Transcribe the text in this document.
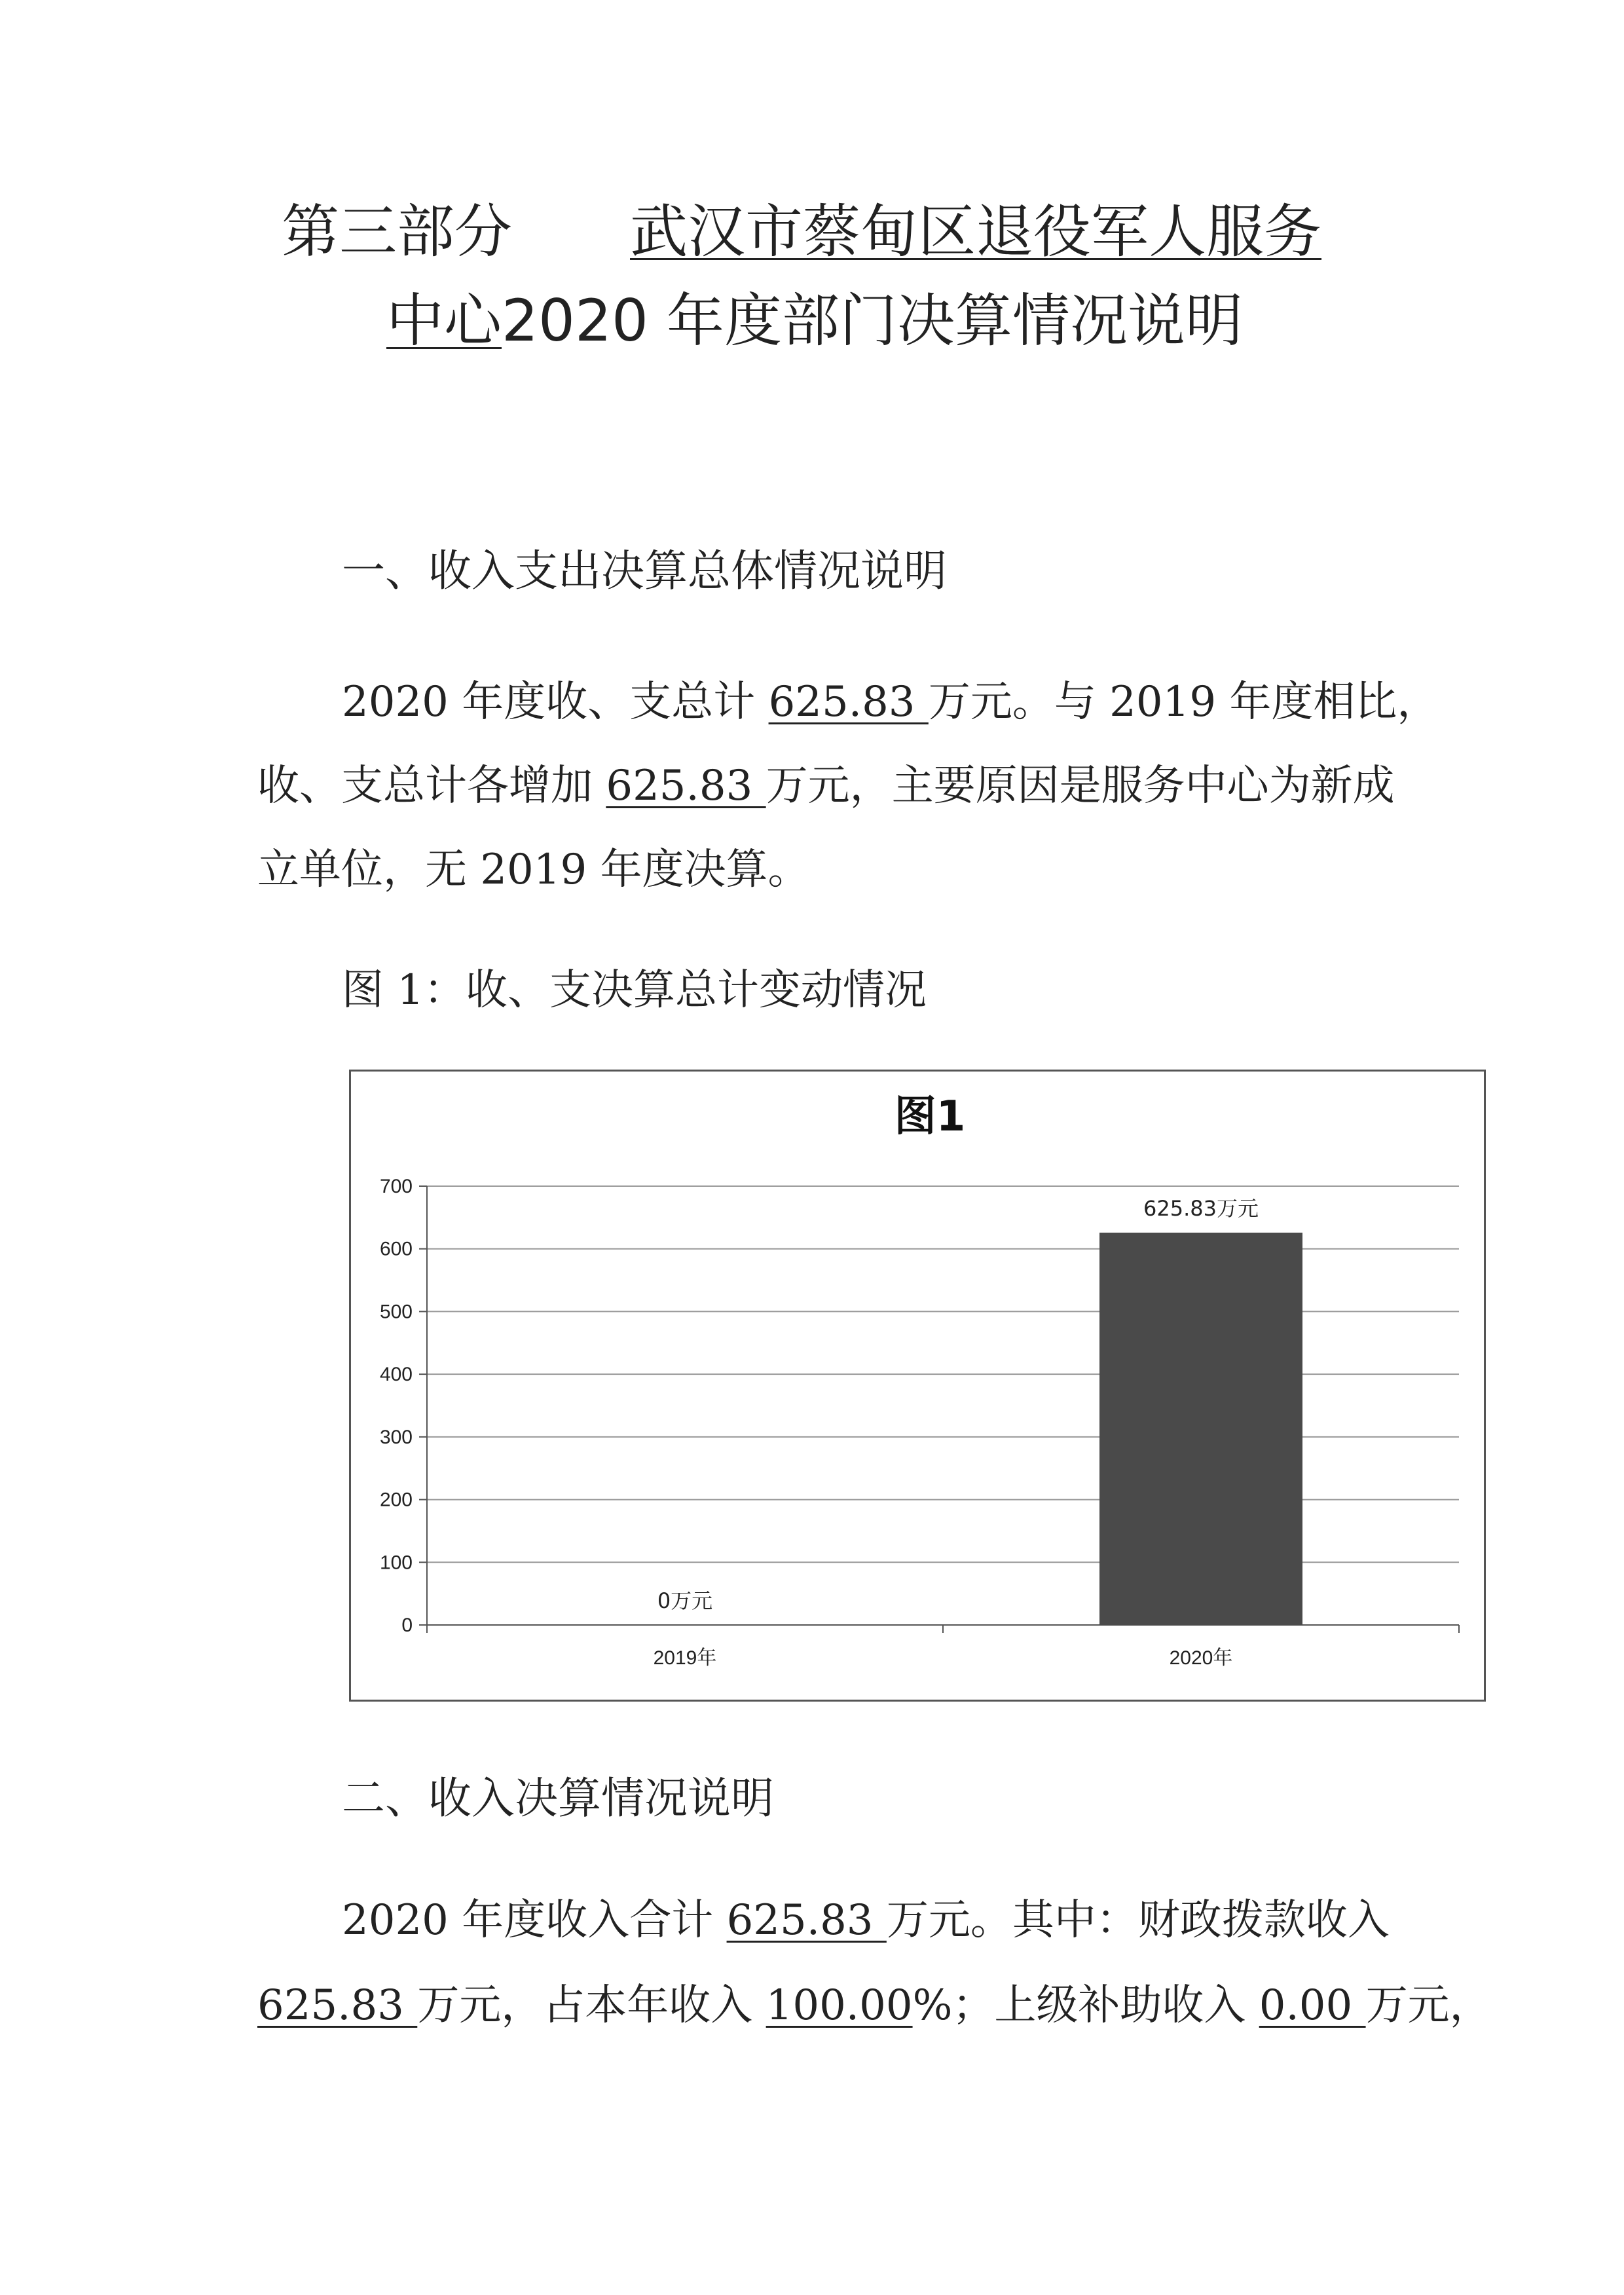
第三部分 武汉市蔡甸区退役军人服务
中心2020 年度部门决算情况说明
一、收入支出决算总体情况说明
2020 年度收、支总计 625.83 万元。与 2019 年度相比，
收、支总计各增加 625.83 万元，主要原因是服务中心为新成
立单位，无 2019 年度决算。
图 1：收、支决算总计变动情况
图1
0
100
200
300
400
500
600
700
0万元
2019年
625.83万元
2020年
二、收入决算情况说明
2020 年度收入合计 625.83 万元。其中：财政拨款收入
625.83 万元，占本年收入 100.00%；上级补助收入 0.00 万元，
